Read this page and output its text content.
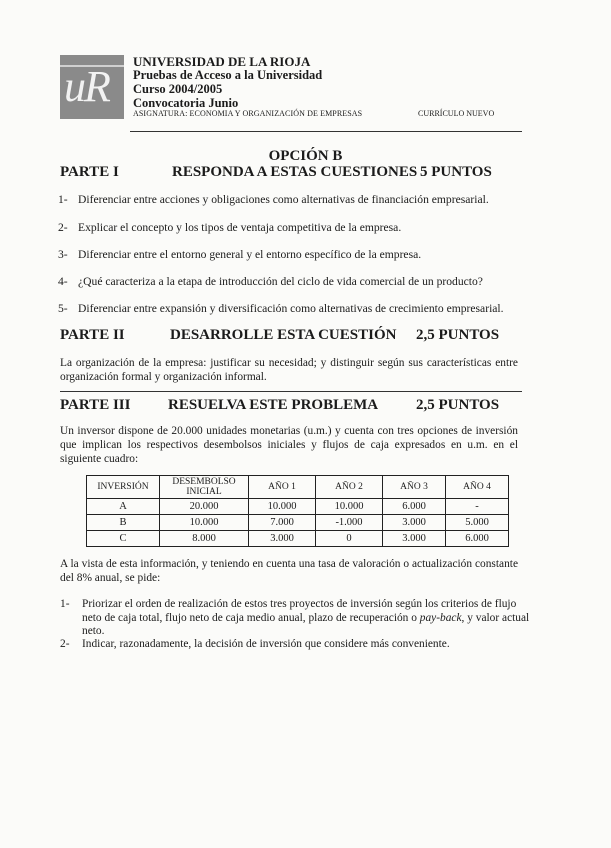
uR
UNIVERSIDAD DE LA RIOJA
Pruebas de Acceso a la Universidad
Curso 2004/2005
Convocatoria Junio
ASIGNATURA: ECONOMIA Y ORGANIZACIÓN DE EMPRESAS	CURRÍCULO NUEVO
OPCIÓN B
PARTE I	RESPONDA A ESTAS CUESTIONES 5 PUNTOS
1- Diferenciar entre acciones y obligaciones como alternativas de financiación empresarial.
2- Explicar el concepto y los tipos de ventaja competitiva de la empresa.
3- Diferenciar entre el entorno general y el entorno específico de la empresa.
4- ¿Qué caracteriza a la etapa de introducción del ciclo de vida comercial de un producto?
5- Diferenciar entre expansión y diversificación como alternativas de crecimiento empresarial.
PARTE II	DESARROLLE ESTA CUESTIÓN 2,5 PUNTOS
La organización de la empresa: justificar su necesidad; y distinguir según sus características entre organización formal y organización informal.
PARTE III	RESUELVA ESTE PROBLEMA	2,5 PUNTOS
Un inversor dispone de 20.000 unidades monetarias (u.m.) y cuenta con tres opciones de inversión que implican los respectivos desembolsos iniciales y flujos de caja expresados en u.m. en el siguiente cuadro:
INVERSIÓN	DESEMBOLSO INICIAL	AÑO 1	AÑO 2	AÑO 3	AÑO 4
A	20.000	10.000	10.000	6.000	-
B	10.000	7.000	-1.000	3.000	5.000
C	8.000	3.000	0	3.000	6.000
A la vista de esta información, y teniendo en cuenta una tasa de valoración o actualización constante del 8% anual, se pide:
1- Priorizar el orden de realización de estos tres proyectos de inversión según los criterios de flujo neto de caja total, flujo neto de caja medio anual, plazo de recuperación o pay-back, y valor actual neto.
2- Indicar, razonadamente, la decisión de inversión que considere más conveniente.
